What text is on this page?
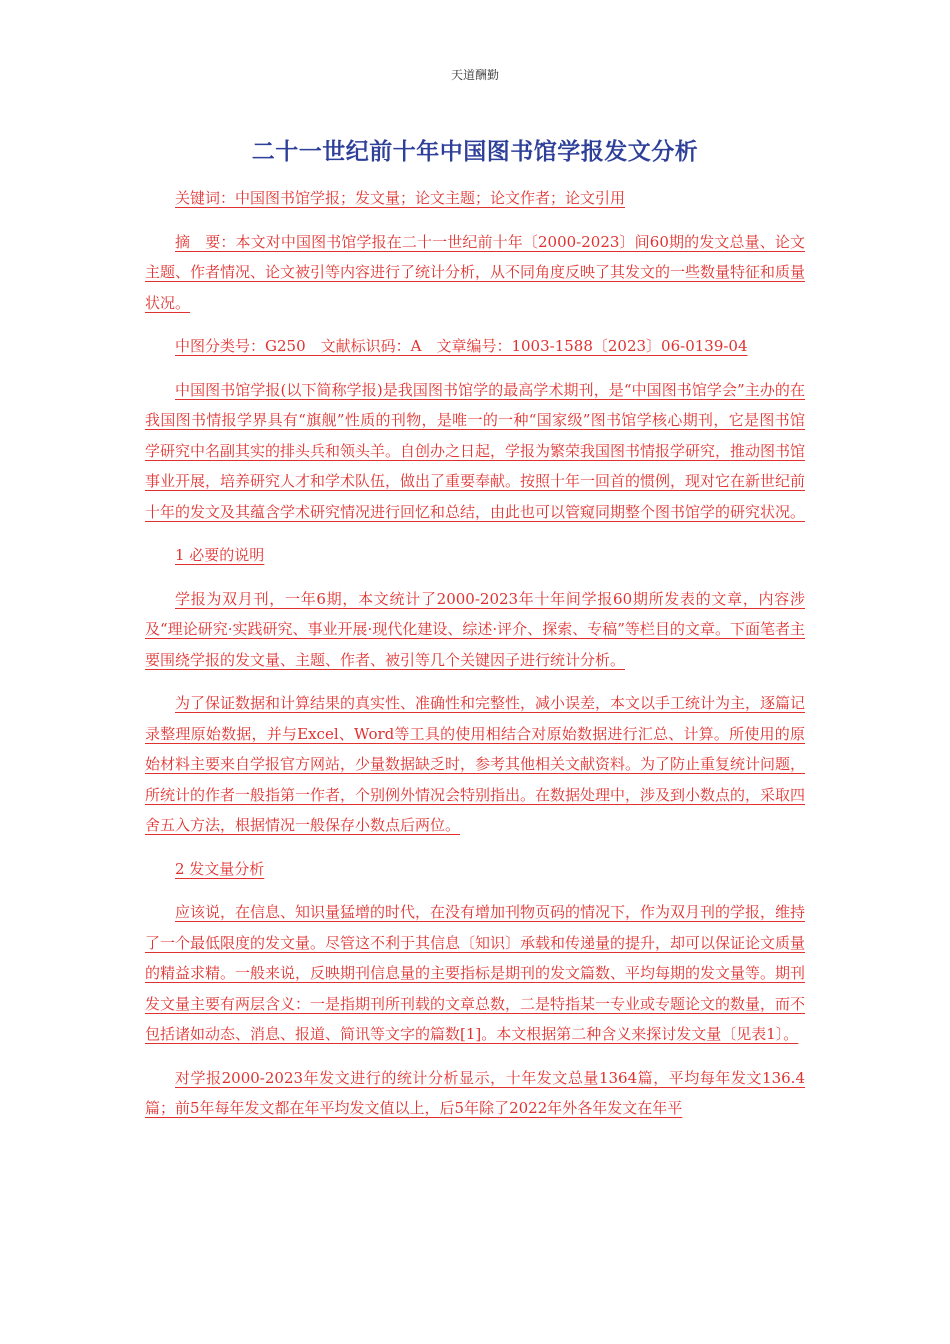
天道酬勤
二十一世纪前十年中国图书馆学报发文分析

关键词：中国图书馆学报；发文量；论文主题；论文作者；论文引用

摘　要：本文对中国图书馆学报在二十一世纪前十年〔2000-2023〕间60期的发文总量、论文主题、作者情况、论文被引等内容进行了统计分析，从不同角度反映了其发文的一些数量特征和质量状况。

中图分类号：G250　文献标识码：A　文章编号：1003-1588〔2023〕06-0139-04

中国图书馆学报(以下简称学报)是我国图书馆学的最高学术期刊，是“中国图书馆学会”主办的在我国图书情报学界具有“旗舰”性质的刊物，是唯一的一种“国家级”图书馆学核心期刊，它是图书馆学研究中名副其实的排头兵和领头羊。自创办之日起，学报为繁荣我国图书情报学研究，推动图书馆事业开展，培养研究人才和学术队伍，做出了重要奉献。按照十年一回首的惯例，现对它在新世纪前十年的发文及其蕴含学术研究情况进行回忆和总结，由此也可以管窥同期整个图书馆学的研究状况。

1 必要的说明

学报为双月刊，一年6期，本文统计了2000-2023年十年间学报60期所发表的文章，内容涉及“理论研究·实践研究、事业开展·现代化建设、综述·评介、探索、专稿”等栏目的文章。下面笔者主要围绕学报的发文量、主题、作者、被引等几个关键因子进行统计分析。

为了保证数据和计算结果的真实性、准确性和完整性，减小误差，本文以手工统计为主，逐篇记录整理原始数据，并与Excel、Word等工具的使用相结合对原始数据进行汇总、计算。所使用的原始材料主要来自学报官方网站，少量数据缺乏时，参考其他相关文献资料。为了防止重复统计问题，所统计的作者一般指第一作者，个别例外情况会特别指出。在数据处理中，涉及到小数点的，采取四舍五入方法，根据情况一般保存小数点后两位。

2 发文量分析

应该说，在信息、知识量猛增的时代，在没有增加刊物页码的情况下，作为双月刊的学报，维持了一个最低限度的发文量。尽管这不利于其信息〔知识〕承载和传递量的提升，却可以保证论文质量的精益求精。一般来说，反映期刊信息量的主要指标是期刊的发文篇数、平均每期的发文量等。期刊发文量主要有两层含义：一是指期刊所刊载的文章总数，二是特指某一专业或专题论文的数量，而不包括诸如动态、消息、报道、简讯等文字的篇数[1]。本文根据第二种含义来探讨发文量〔见表1〕。

对学报2000-2023年发文进行的统计分析显示，十年发文总量1364篇，平均每年发文136.4篇；前5年每年发文都在年平均发文值以上，后5年除了2022年外各年发文在年平
